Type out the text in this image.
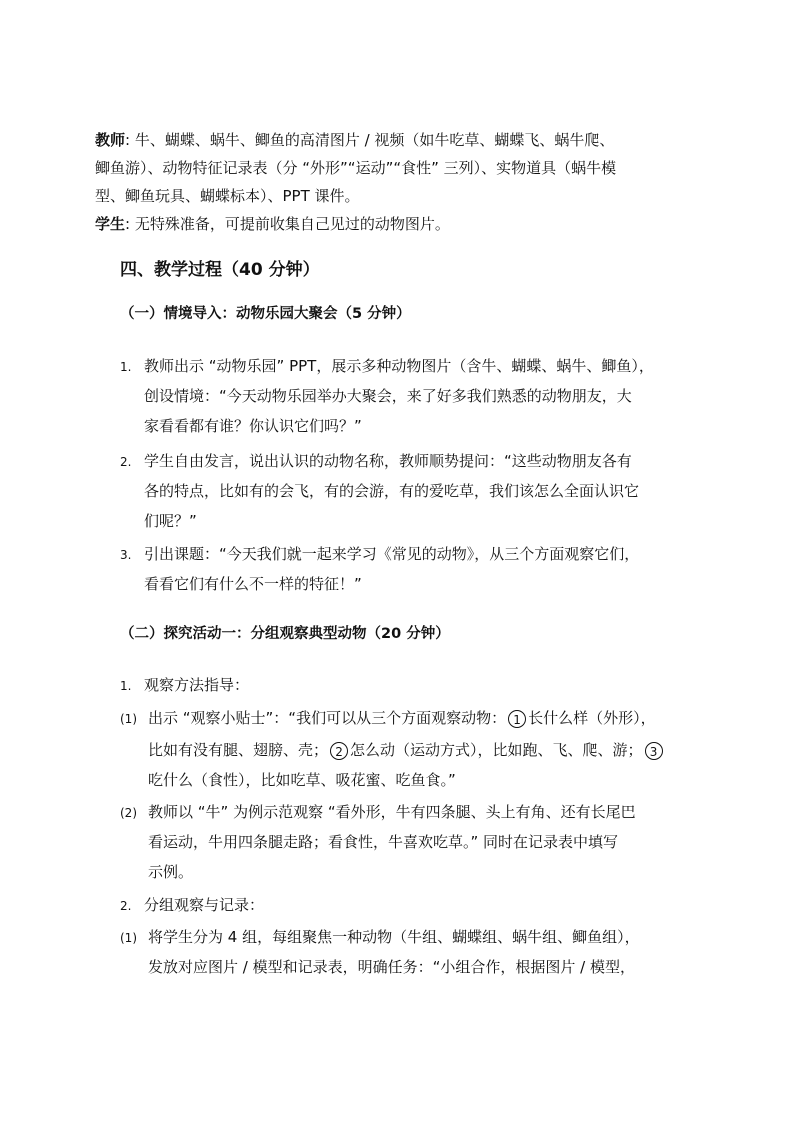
教师: 牛、蝴蝶、蜗牛、鲫鱼的高清图片 / 视频（如牛吃草、蝴蝶飞、蜗牛爬、
鲫鱼游）、动物特征记录表（分 “外形”“运动”“食性” 三列）、实物道具（蜗牛模
型、鲫鱼玩具、蝴蝶标本）、PPT 课件。
学生: 无特殊准备，可提前收集自己见过的动物图片。
四、教学过程（40 分钟）
（一）情境导入：动物乐园大聚会（5 分钟）
1. 教师出示 “动物乐园” PPT，展示多种动物图片（含牛、蝴蝶、蜗牛、鲫鱼），
创设情境：“今天动物乐园举办大聚会，来了好多我们熟悉的动物朋友，大
家看看都有谁？你认识它们吗？”
2. 学生自由发言，说出认识的动物名称，教师顺势提问：“这些动物朋友各有
各的特点，比如有的会飞，有的会游，有的爱吃草，我们该怎么全面认识它
们呢？”
3. 引出课题：“今天我们就一起来学习《常见的动物》，从三个方面观察它们，
看看它们有什么不一样的特征！”
（二）探究活动一：分组观察典型动物（20 分钟）
1. 观察方法指导：
(1) 出示 “观察小贴士”：“我们可以从三个方面观察动物： 1 长什么样（外形），
比如有没有腿、翅膀、壳； 2 怎么动（运动方式），比如跑、飞、爬、游； 3
吃什么（食性），比如吃草、吸花蜜、吃鱼食。”
(2) 教师以 “牛” 为例示范观察 “看外形，牛有四条腿、头上有角、还有长尾巴
看运动，牛用四条腿走路；看食性，牛喜欢吃草。” 同时在记录表中填写
示例。
2. 分组观察与记录：
(1) 将学生分为 4 组，每组聚焦一种动物（牛组、蝴蝶组、蜗牛组、鲫鱼组），
发放对应图片 / 模型和记录表，明确任务：“小组合作，根据图片 / 模型，
